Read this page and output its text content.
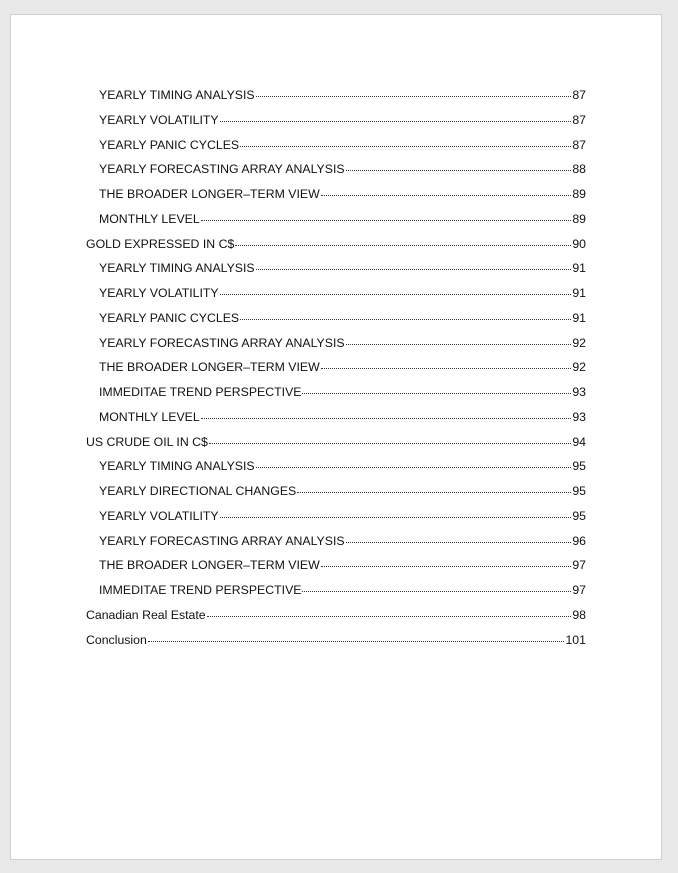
YEARLY TIMING ANALYSIS	87
YEARLY VOLATILITY	87
YEARLY PANIC CYCLES	87
YEARLY FORECASTING ARRAY ANALYSIS	88
THE BROADER LONGER–TERM VIEW	89
MONTHLY LEVEL	89
GOLD EXPRESSED IN C$	90
YEARLY TIMING ANALYSIS	91
YEARLY VOLATILITY	91
YEARLY PANIC CYCLES	91
YEARLY FORECASTING ARRAY ANALYSIS	92
THE BROADER LONGER–TERM VIEW	92
IMMEDITAE TREND PERSPECTIVE	93
MONTHLY LEVEL	93
US CRUDE OIL IN C$	94
YEARLY TIMING ANALYSIS	95
YEARLY DIRECTIONAL CHANGES	95
YEARLY VOLATILITY	95
YEARLY FORECASTING ARRAY ANALYSIS	96
THE BROADER LONGER–TERM VIEW	97
IMMEDITAE TREND PERSPECTIVE	97
Canadian Real Estate	98
Conclusion	101
